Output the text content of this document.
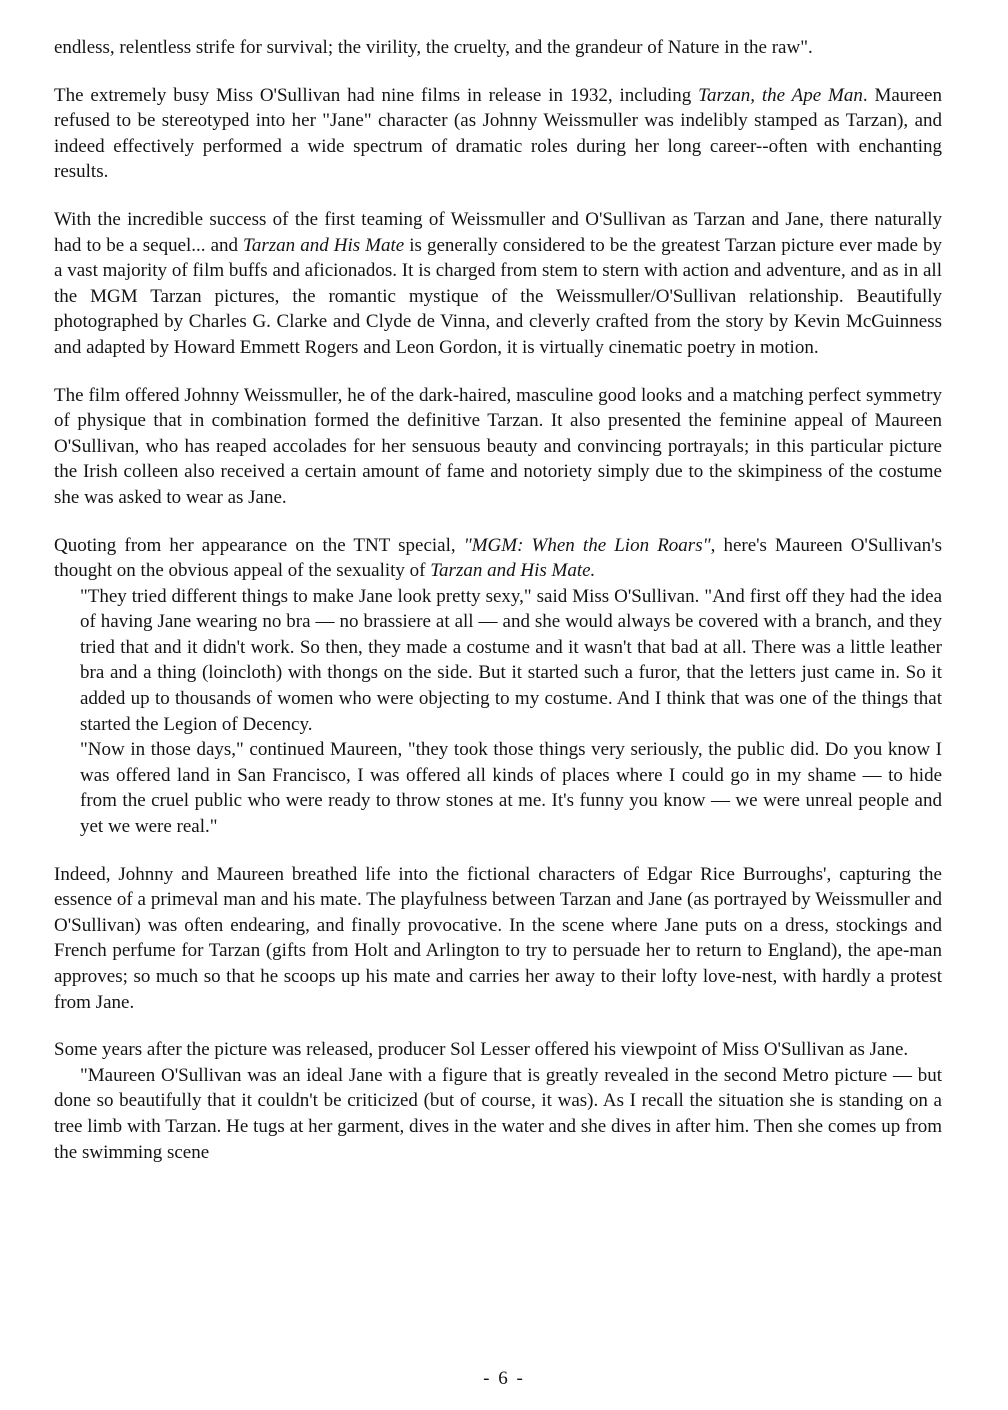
endless, relentless strife for survival; the virility, the cruelty, and the grandeur of Nature in the raw".

The extremely busy Miss O'Sullivan had nine films in release in 1932, including Tarzan, the Ape Man. Maureen refused to be stereotyped into her "Jane" character (as Johnny Weissmuller was indelibly stamped as Tarzan), and indeed effectively performed a wide spectrum of dramatic roles during her long career--often with enchanting results.

With the incredible success of the first teaming of Weissmuller and O'Sullivan as Tarzan and Jane, there naturally had to be a sequel... and Tarzan and His Mate is generally considered to be the greatest Tarzan picture ever made by a vast majority of film buffs and aficionados. It is charged from stem to stern with action and adventure, and as in all the MGM Tarzan pictures, the romantic mystique of the Weissmuller/O'Sullivan relationship. Beautifully photographed by Charles G. Clarke and Clyde de Vinna, and cleverly crafted from the story by Kevin McGuinness and adapted by Howard Emmett Rogers and Leon Gordon, it is virtually cinematic poetry in motion.

The film offered Johnny Weissmuller, he of the dark-haired, masculine good looks and a matching perfect symmetry of physique that in combination formed the definitive Tarzan. It also presented the feminine appeal of Maureen O'Sullivan, who has reaped accolades for her sensuous beauty and convincing portrayals; in this particular picture the Irish colleen also received a certain amount of fame and notoriety simply due to the skimpiness of the costume she was asked to wear as Jane.

Quoting from her appearance on the TNT special, "MGM: When the Lion Roars", here's Maureen O'Sullivan's thought on the obvious appeal of the sexuality of Tarzan and His Mate.

"They tried different things to make Jane look pretty sexy," said Miss O'Sullivan. "And first off they had the idea of having Jane wearing no bra — no brassiere at all — and she would always be covered with a branch, and they tried that and it didn't work. So then, they made a costume and it wasn't that bad at all. There was a little leather bra and a thing (loincloth) with thongs on the side. But it started such a furor, that the letters just came in. So it added up to thousands of women who were objecting to my costume. And I think that was one of the things that started the Legion of Decency.

"Now in those days," continued Maureen, "they took those things very seriously, the public did. Do you know I was offered land in San Francisco, I was offered all kinds of places where I could go in my shame — to hide from the cruel public who were ready to throw stones at me. It's funny you know — we were unreal people and yet we were real."

Indeed, Johnny and Maureen breathed life into the fictional characters of Edgar Rice Burroughs', capturing the essence of a primeval man and his mate. The playfulness between Tarzan and Jane (as portrayed by Weissmuller and O'Sullivan) was often endearing, and finally provocative. In the scene where Jane puts on a dress, stockings and French perfume for Tarzan (gifts from Holt and Arlington to try to persuade her to return to England), the ape-man approves; so much so that he scoops up his mate and carries her away to their lofty love-nest, with hardly a protest from Jane.

Some years after the picture was released, producer Sol Lesser offered his viewpoint of Miss O'Sullivan as Jane.

"Maureen O'Sullivan was an ideal Jane with a figure that is greatly revealed in the second Metro picture — but done so beautifully that it couldn't be criticized (but of course, it was). As I recall the situation she is standing on a tree limb with Tarzan. He tugs at her garment, dives in the water and she dives in after him. Then she comes up from the swimming scene

- 6 -
